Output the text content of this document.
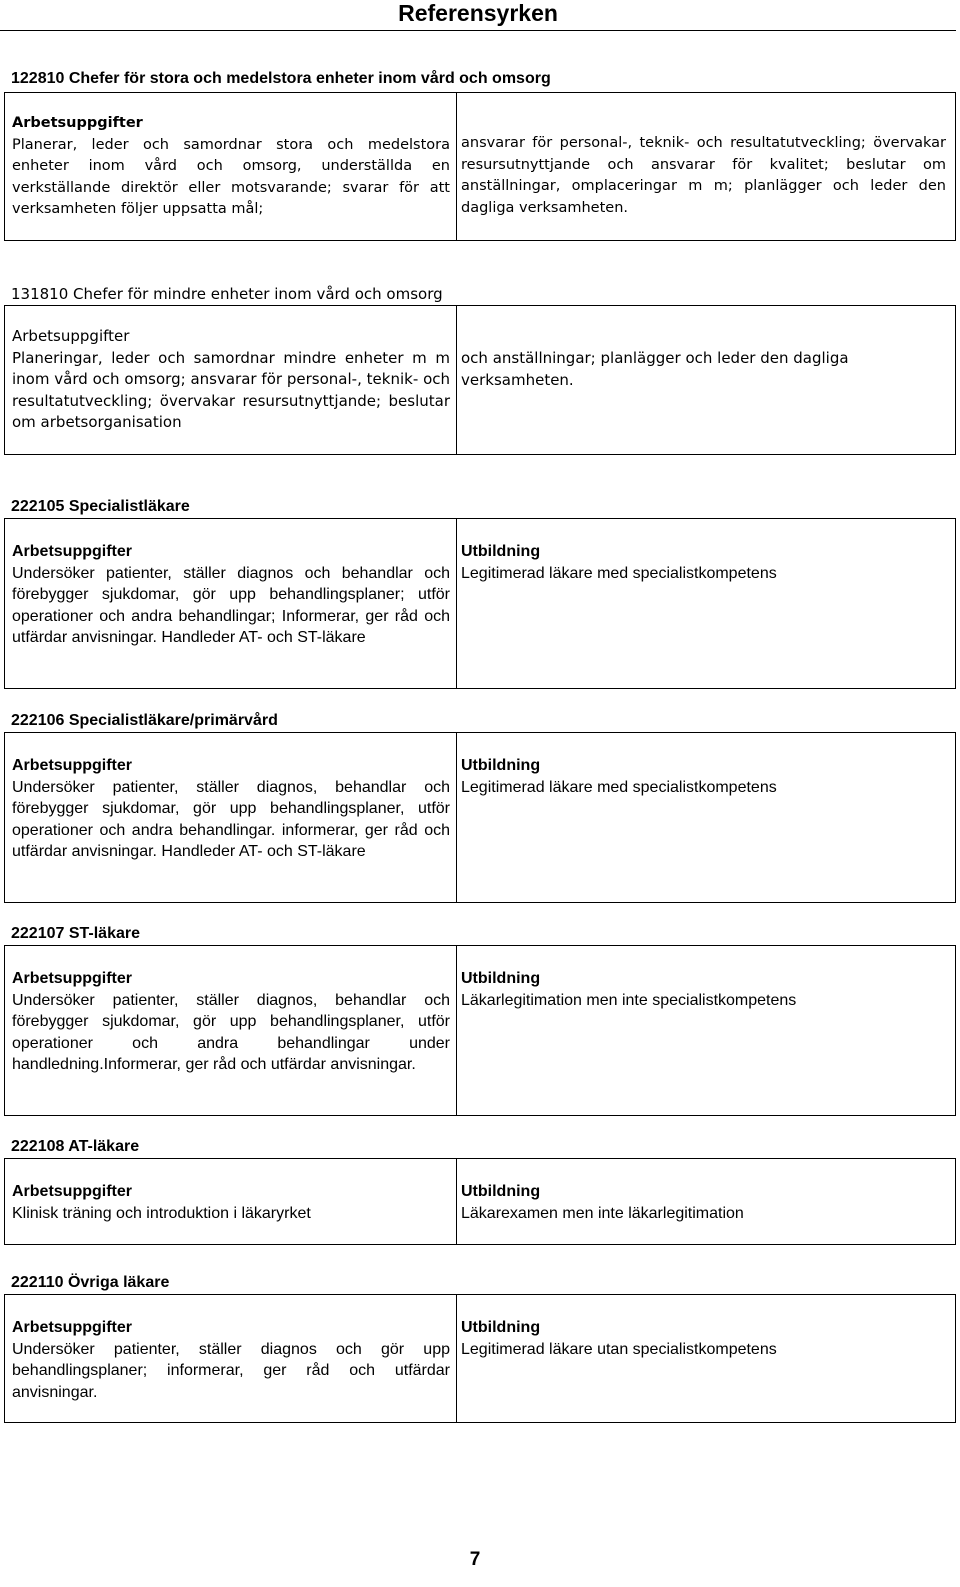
Referensyrken
122810 Chefer för stora och medelstora enheter inom vård och omsorg
Arbetsuppgifter
Planerar, leder och samordnar stora och medelstora enheter inom vård och omsorg, underställda en verkställande direktör eller motsvarande; svarar för att verksamheten följer uppsatta mål;
ansvarar för personal-, teknik- och resultatutveckling; övervakar resursutnyttjande och ansvarar för kvalitet; beslutar om anställningar, omplaceringar m m; planlägger och leder den dagliga verksamheten.
131810 Chefer för mindre enheter inom vård och omsorg
Arbetsuppgifter
Planeringar, leder och samordnar mindre enheter m m inom vård och omsorg; ansvarar för personal-, teknik- och resultatutveckling; övervakar resursutnyttjande; beslutar om arbetsorganisation
och anställningar; planlägger och leder den dagliga verksamheten.
222105 Specialistläkare
Arbetsuppgifter
Undersöker patienter, ställer diagnos och behandlar och förebygger sjukdomar, gör upp behandlingsplaner; utför operationer och andra behandlingar; Informerar, ger råd och utfärdar anvisningar. Handleder AT- och ST-läkare
Utbildning
Legitimerad läkare med specialistkompetens
222106 Specialistläkare/primärvård
Arbetsuppgifter
Undersöker patienter, ställer diagnos, behandlar och förebygger sjukdomar, gör upp behandlingsplaner, utför operationer och andra behandlingar. informerar, ger råd och utfärdar anvisningar. Handleder AT- och ST-läkare
Utbildning
Legitimerad läkare med specialistkompetens
222107 ST-läkare
Arbetsuppgifter
Undersöker patienter, ställer diagnos, behandlar och förebygger sjukdomar, gör upp behandlingsplaner, utför operationer och andra behandlingar under handledning.Informerar, ger råd och utfärdar anvisningar.
Utbildning
Läkarlegitimation men inte specialistkompetens
222108 AT-läkare
Arbetsuppgifter
Klinisk träning och introduktion i läkaryrket
Utbildning
Läkarexamen men inte läkarlegitimation
222110 Övriga läkare
Arbetsuppgifter
Undersöker patienter, ställer diagnos och gör upp behandlingsplaner; informerar, ger råd och utfärdar anvisningar.
Utbildning
Legitimerad läkare utan specialistkompetens
7
